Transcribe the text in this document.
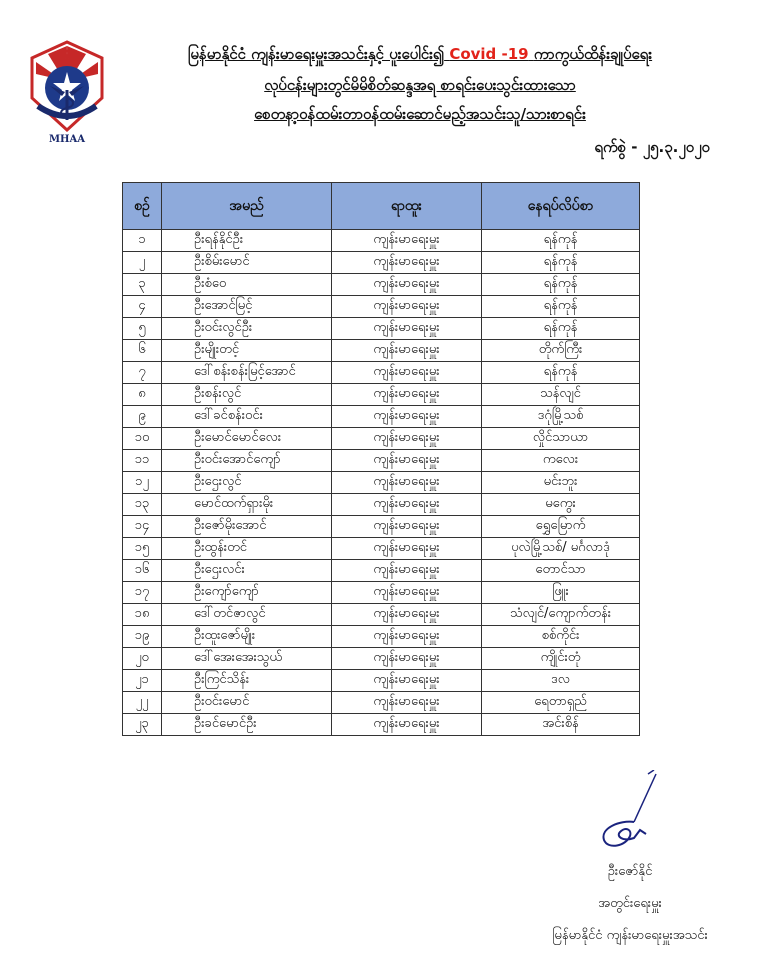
MHAA
မြန်မာနိုင်ငံ ကျန်းမာရေးမှူးအသင်းနှင့် ပူးပေါင်း၍ Covid -19 ကာကွယ်ထိန်းချုပ်ရေး
လုပ်ငန်းများတွင်မိမိစိတ်ဆန္ဒအရ စာရင်းပေးသွင်းထားသော
စေတနာ့ဝန်ထမ်းတာဝန်ထမ်းဆောင်မည့်အသင်းသူ/သားစာရင်း
ရက်စွဲ - ၂၅.၃.၂၀၂၀
စဉ်	အမည်	ရာထူး	နေရပ်လိပ်စာ
၁	ဦးရန်နိုင်ဦး	ကျန်းမာရေးမှူး	ရန်ကုန်
၂	ဦးစိမ်းမောင်	ကျန်းမာရေးမှူး	ရန်ကုန်
၃	ဦးစံဝေ	ကျန်းမာရေးမှူး	ရန်ကုန်
၄	ဦးအောင်မြင့်	ကျန်းမာရေးမှူး	ရန်ကုန်
၅	ဦးဝင်းလွင်ဦး	ကျန်းမာရေးမှူး	ရန်ကုန်
၆	ဦးမျိုးတင့်	ကျန်းမာရေးမှူး	တိုက်ကြီး
၇	ဒေါ်စန်းစန်းမြင့်အောင်	ကျန်းမာရေးမှူး	ရန်ကုန်
၈	ဦးစန်းလွင်	ကျန်းမာရေးမှူး	သန်လျင်
၉	ဒေါ်ခင်စန်းဝင်း	ကျန်းမာရေးမှူး	ဒဂုံမြို့သစ်
၁၀	ဦးမောင်မောင်လေး	ကျန်းမာရေးမှူး	လှိုင်သာယာ
၁၁	ဦးဝင်းအောင်ကျော်	ကျန်းမာရေးမှူး	ကလေး
၁၂	ဦးဌေးလွင်	ကျန်းမာရေးမှူး	မင်းဘူး
၁၃	မောင်ထက်ရှားမိုး	ကျန်းမာရေးမှူး	မကွေး
၁၄	ဦးဇော်မိုးအောင်	ကျန်းမာရေးမှူး	ရွှေမြောက်
၁၅	ဦးထွန်းတင်	ကျန်းမာရေးမှူး	ပုလဲမြို့သစ်/ မင်္ဂလာဒုံ
၁၆	ဦးဌေးလင်း	ကျန်းမာရေးမှူး	တောင်သာ
၁၇	ဦးကျော်ကျော်	ကျန်းမာရေးမှူး	ဖြူး
၁၈	ဒေါ်တင်ဇာလွင်	ကျန်းမာရေးမှူး	သံလျင်/ကျောက်တန်း
၁၉	ဦးထူးဇော်မျိုး	ကျန်းမာရေးမှူး	စစ်ကိုင်း
၂၀	ဒေါ်အေးအေးသွယ်	ကျန်းမာရေးမှူး	ကျိုင်းတုံ
၂၁	ဦးကြင်သိန်း	ကျန်းမာရေးမှူး	ဒလ
၂၂	ဦးဝင်းမောင်	ကျန်းမာရေးမှူး	ရေတာရှည်
၂၃	ဦးခင်မောင်ဦး	ကျန်းမာရေးမှူး	အင်းစိန်
ဦးဇော်နိုင်
အတွင်းရေးမှူး
မြန်မာနိုင်ငံ ကျန်းမာရေးမှူးအသင်း
